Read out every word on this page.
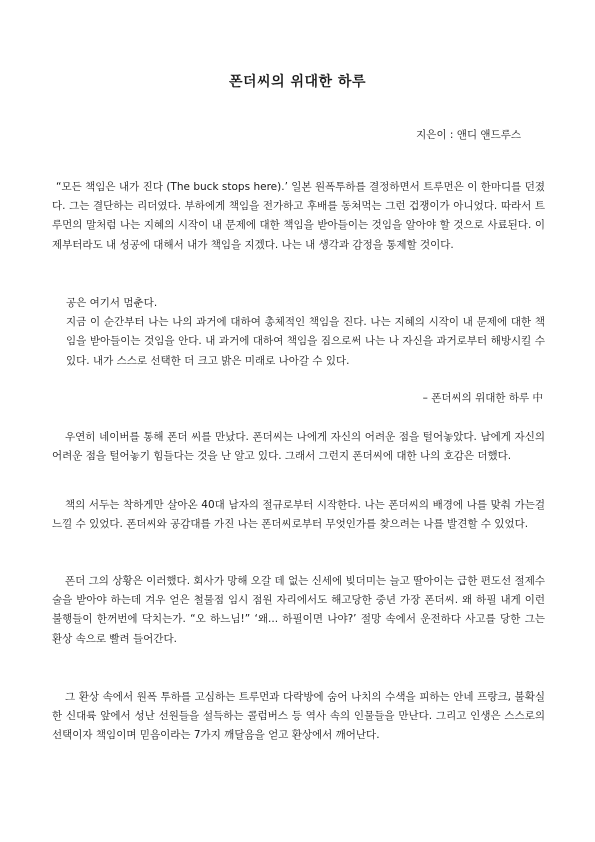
폰더씨의 위대한 하루
지은이 : 앤디 앤드루스
“모든 책임은 내가 진다 (The buck stops here).’ 일본 원폭투하를 결정하면서 트루먼은 이 한마디를 던졌다. 그는 결단하는 리더였다. 부하에게 책임을 전가하고 후배를 동쳐먹는 그런 겁쟁이가 아니었다. 따라서 트루먼의 말처럼 나는 지혜의 시작이 내 문제에 대한 책임을 받아들이는 것임을 알아야 할 것으로 사료된다. 이제부터라도 내 성공에 대해서 내가 책임을 지겠다. 나는 내 생각과 감정을 통제할 것이다.
공은 여기서 멈춘다.
지금 이 순간부터 나는 나의 과거에 대하여 총체적인 책임을 진다. 나는 지혜의 시작이 내 문제에 대한 책임을 받아들이는 것임을 안다. 내 과거에 대하여 책임을 짐으로써 나는 나 자신을 과거로부터 해방시킬 수 있다. 내가 스스로 선택한 더 크고 밝은 미래로 나아갈 수 있다.
– 폰더씨의 위대한 하루 中
우연히 네이버를 통해 폰더 씨를 만났다. 폰더씨는 나에게 자신의 어려운 점을 털어놓았다. 남에게 자신의 어려운 점을 털어놓기 힘들다는 것을 난 알고 있다. 그래서 그런지 폰더씨에 대한 나의 호감은 더했다.
책의 서두는 착하게만 살아온 40대 남자의 절규로부터 시작한다. 나는 폰더씨의 배경에 나를 맞춰 가는걸 느낄 수 있었다. 폰더씨와 공감대를 가진 나는 폰더씨로부터 무엇인가를 찾으려는 나를 발견할 수 있었다.
폰더 그의 상황은 이러했다. 회사가 망해 오갈 데 없는 신세에 빚더미는 늘고 딸아이는 급한 편도선 절제수술을 받아야 하는데 겨우 얻은 철물점 임시 점원 자리에서도 해고당한 중년 가장 폰더씨. 왜 하필 내게 이런 불행들이 한꺼번에 닥치는가. “오 하느님!” ‘왜... 하필이면 나야?’ 절망 속에서 운전하다 사고를 당한 그는 환상 속으로 빨려 들어간다.
그 환상 속에서 원폭 투하를 고심하는 트루먼과 다락방에 숨어 나치의 수색을 피하는 안네 프랑크, 불확실한 신대륙 앞에서 성난 선원들을 설득하는 콜럼버스 등 역사 속의 인물들을 만난다. 그리고 인생은 스스로의 선택이자 책임이며 믿음이라는 7가지 깨달음을 얻고 환상에서 깨어난다.
